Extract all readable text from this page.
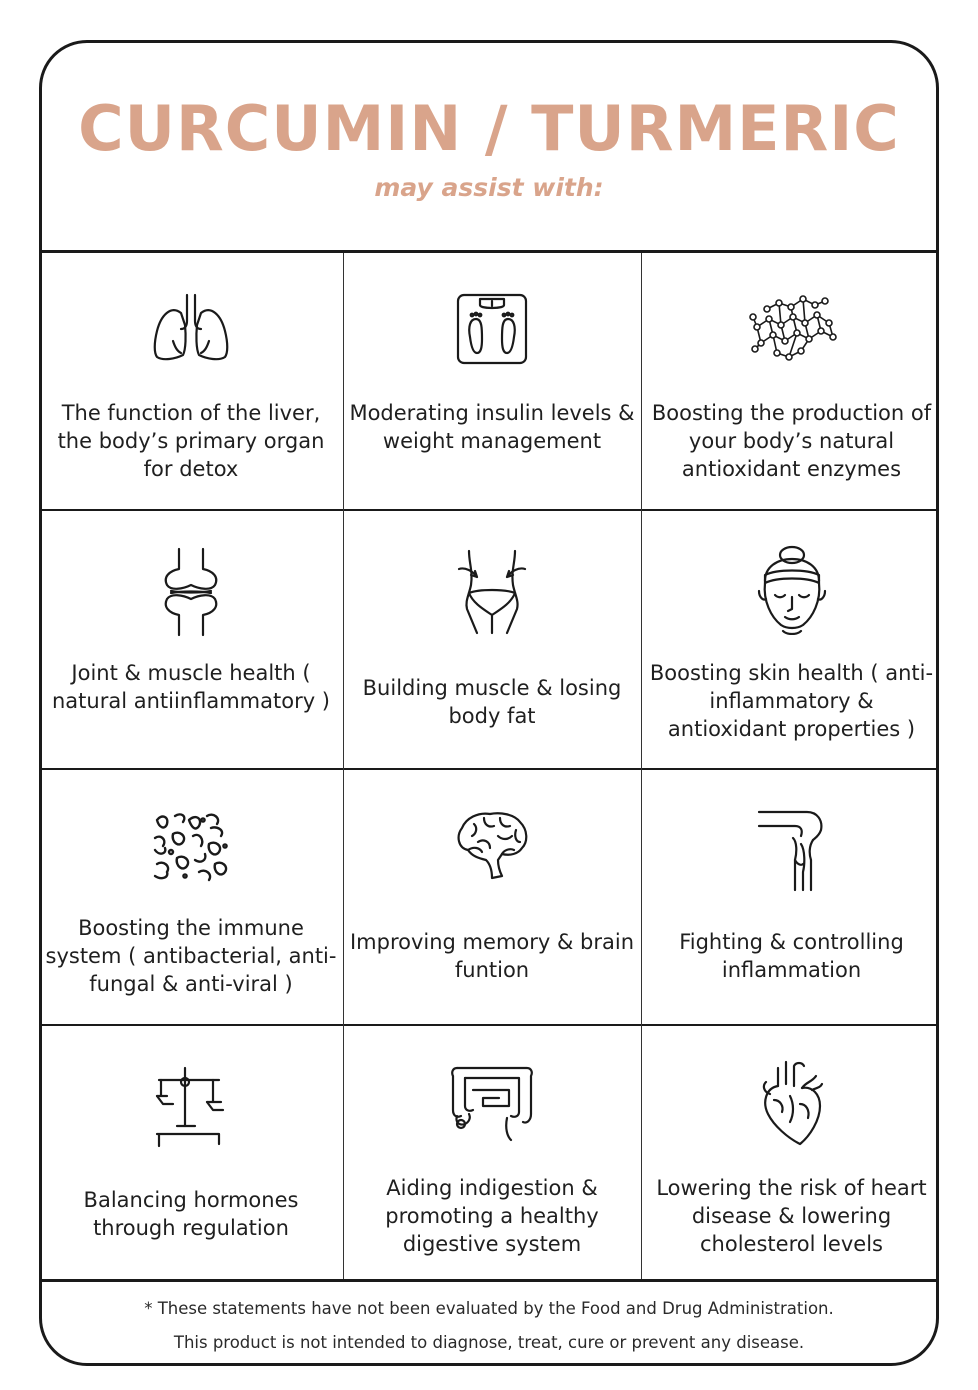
CURCUMIN / TURMERIC
may assist with:
The function of the liver, the body’s primary organ for detox
Moderating insulin levels & weight management
Boosting the production of your body’s natural antioxidant enzymes
Joint & muscle health ( natural antiinflammatory )
Building muscle & losing body fat
Boosting skin health ( anti-inflammatory & antioxidant properties )
Boosting the immune system ( antibacterial, anti-fungal & anti-viral )
Improving memory & brain funtion
Fighting & controlling inflammation
Balancing hormones through regulation
Aiding indigestion & promoting a healthy digestive system
Lowering the risk of heart disease & lowering cholesterol levels
* These statements have not been evaluated by the Food and Drug Administration.
This product is not intended to diagnose, treat, cure or prevent any disease.
